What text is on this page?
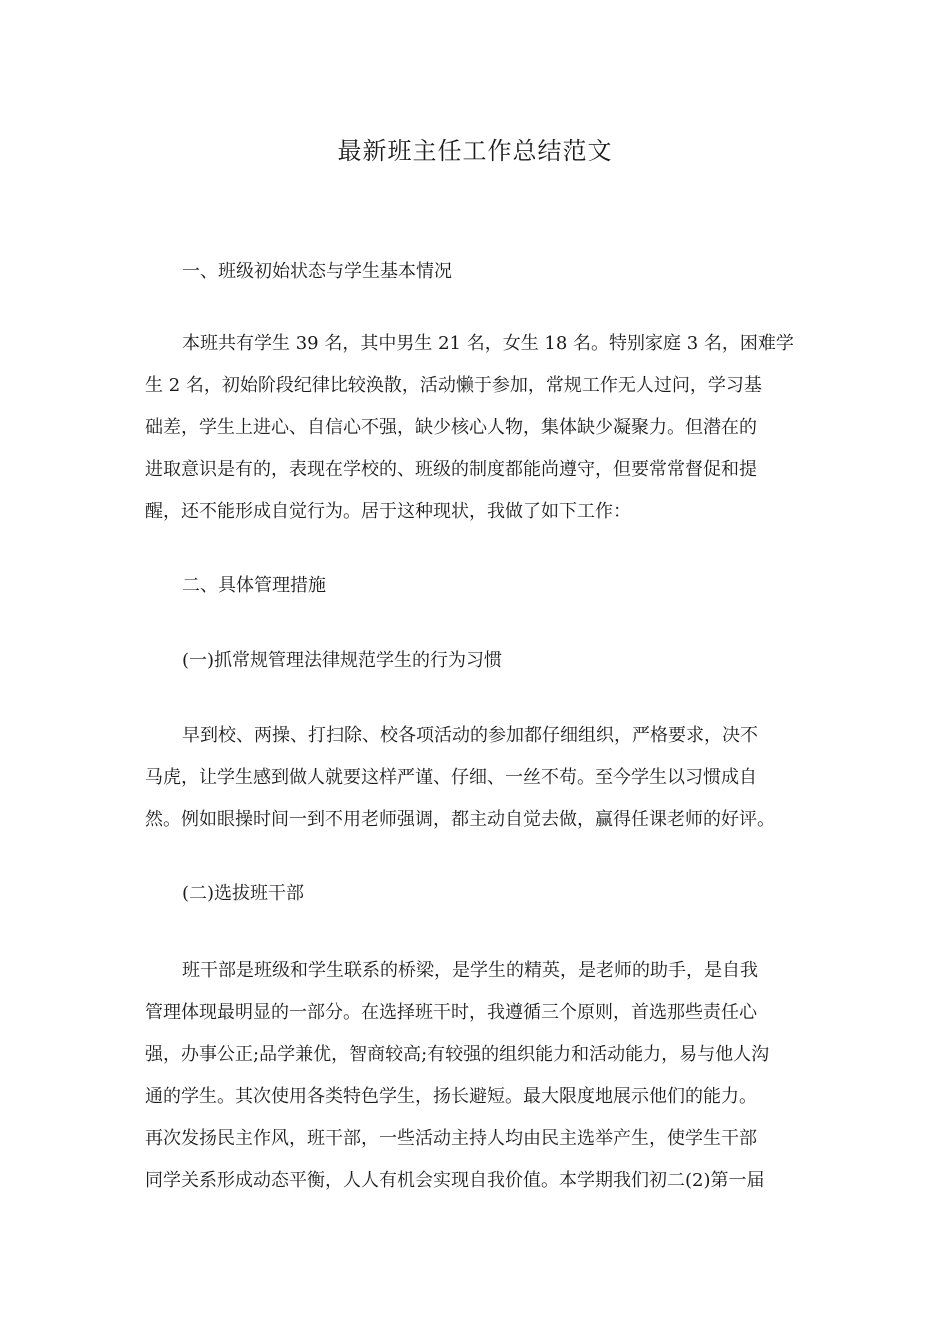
最新班主任工作总结范文

一、班级初始状态与学生基本情况

本班共有学生 39 名，其中男生 21 名，女生 18 名。特别家庭 3 名，困难学
生 2 名，初始阶段纪律比较涣散，活动懒于参加，常规工作无人过问，学习基
础差，学生上进心、自信心不强，缺少核心人物，集体缺少凝聚力。但潜在的
进取意识是有的，表现在学校的、班级的制度都能尚遵守，但要常常督促和提
醒，还不能形成自觉行为。居于这种现状，我做了如下工作：

二、具体管理措施

(一)抓常规管理法律规范学生的行为习惯

早到校、两操、打扫除、校各项活动的参加都仔细组织，严格要求，决不
马虎，让学生感到做人就要这样严谨、仔细、一丝不苟。至今学生以习惯成自
然。例如眼操时间一到不用老师强调，都主动自觉去做，赢得任课老师的好评。

(二)选拔班干部

班干部是班级和学生联系的桥梁，是学生的精英，是老师的助手，是自我
管理体现最明显的一部分。在选择班干时，我遵循三个原则，首选那些责任心
强，办事公正;品学兼优，智商较高;有较强的组织能力和活动能力，易与他人沟
通的学生。其次使用各类特色学生，扬长避短。最大限度地展示他们的能力。
再次发扬民主作风，班干部，一些活动主持人均由民主选举产生，使学生干部
同学关系形成动态平衡，人人有机会实现自我价值。本学期我们初二(2)第一届
